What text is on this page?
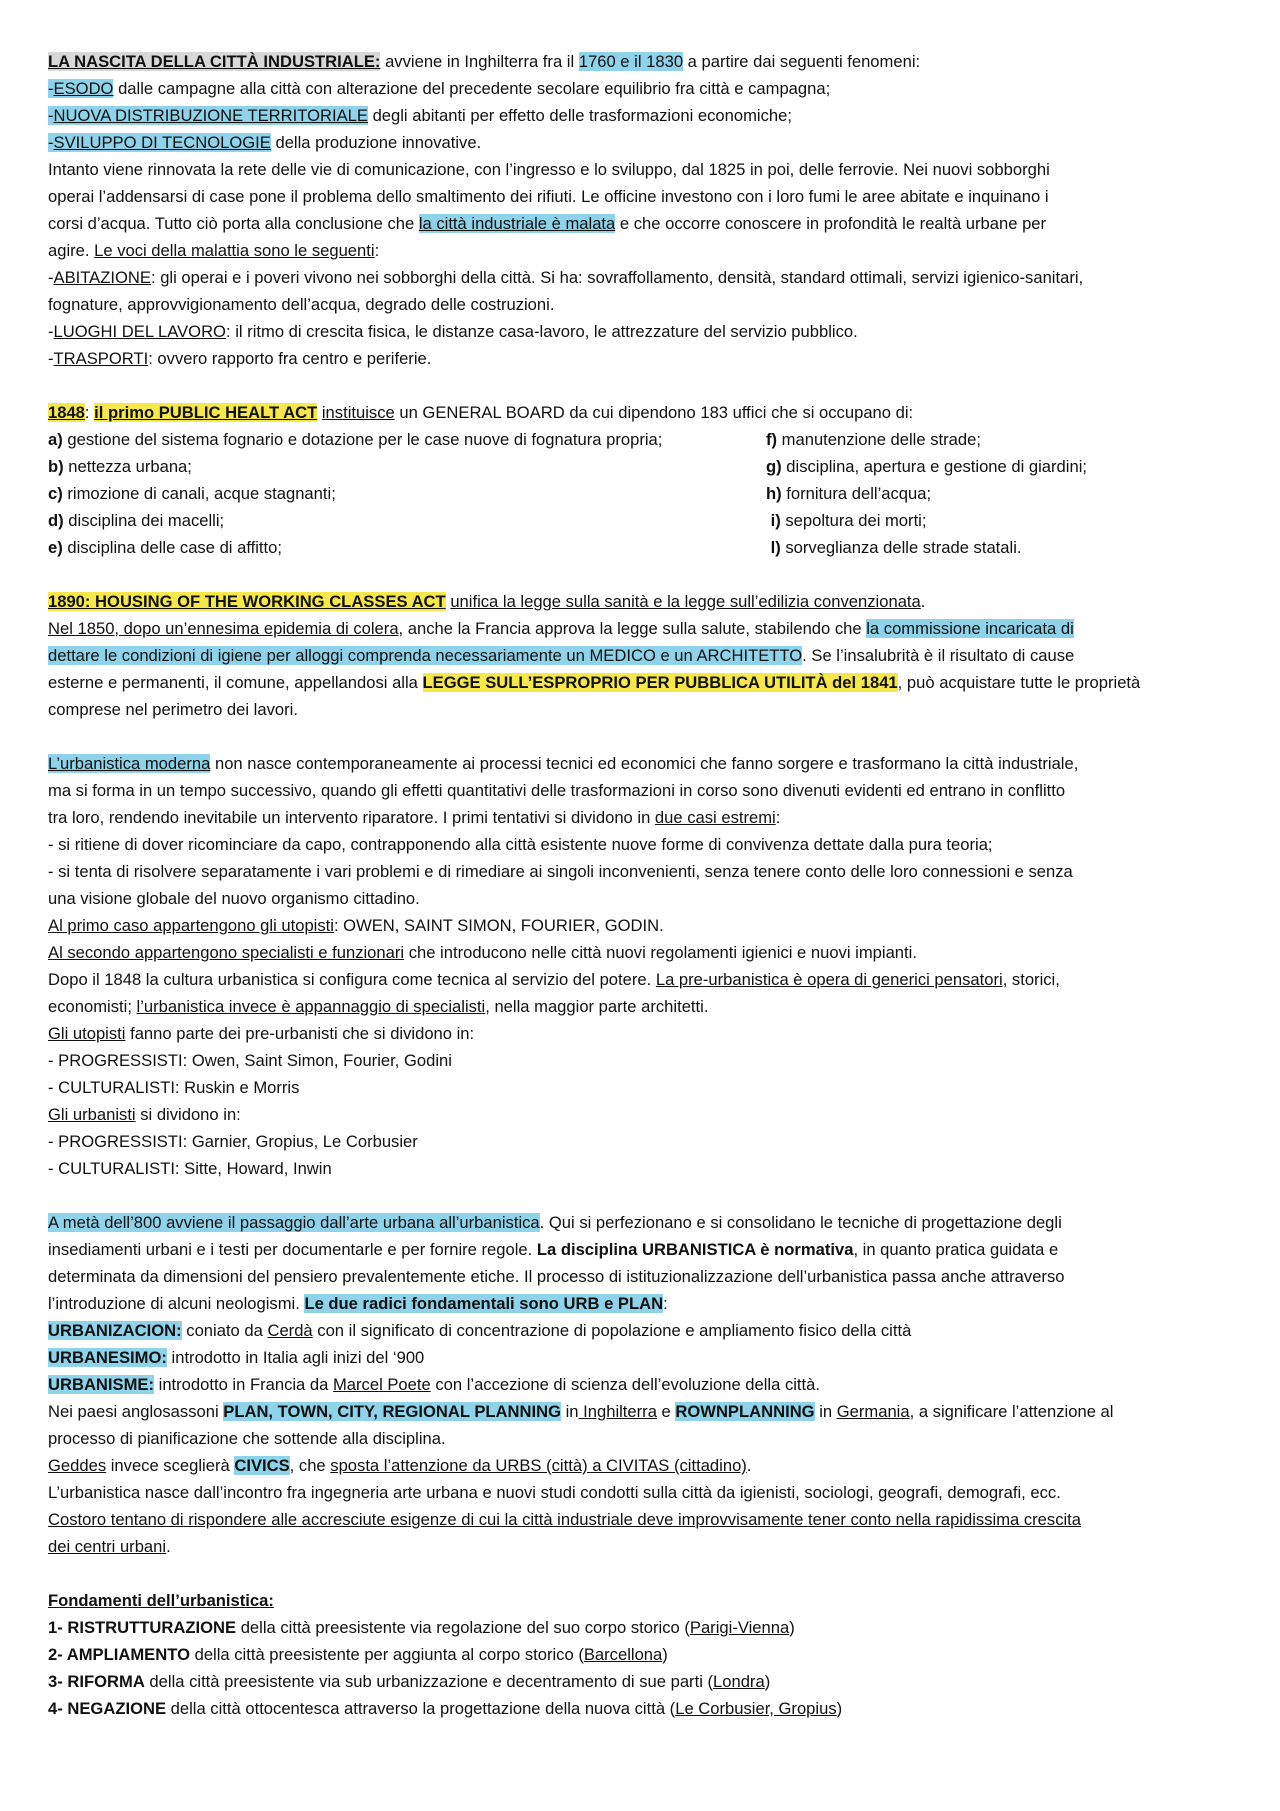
LA NASCITA DELLA CITTÀ INDUSTRIALE: avviene in Inghilterra fra il 1760 e il 1830 a partire dai seguenti fenomeni:
-ESODO dalle campagne alla città con alterazione del precedente secolare equilibrio fra città e campagna;
-NUOVA DISTRIBUZIONE TERRITORIALE degli abitanti per effetto delle trasformazioni economiche;
-SVILUPPO DI TECNOLOGIE della produzione innovative.
Intanto viene rinnovata la rete delle vie di comunicazione, con l’ingresso e lo sviluppo, dal 1825 in poi, delle ferrovie. Nei nuovi sobborghi
operai l’addensarsi di case pone il problema dello smaltimento dei rifiuti. Le officine investono con i loro fumi le aree abitate e inquinano i
corsi d’acqua. Tutto ciò porta alla conclusione che la città industriale è malata e che occorre conoscere in profondità le realtà urbane per
agire. Le voci della malattia sono le seguenti:
-ABITAZIONE: gli operai e i poveri vivono nei sobborghi della città. Si ha: sovraffollamento, densità, standard ottimali, servizi igienico-sanitari,
fognature, approvvigionamento dell’acqua, degrado delle costruzioni.
-LUOGHI DEL LAVORO: il ritmo di crescita fisica, le distanze casa-lavoro, le attrezzature del servizio pubblico.
-TRASPORTI: ovvero rapporto fra centro e periferie.
1848: il primo PUBLIC HEALT ACT instituisce un GENERAL BOARD da cui dipendono 183 uffici che si occupano di:
a) gestione del sistema fognario e dotazione per le case nuove di fognatura propria;	f) manutenzione delle strade;
b) nettezza urbana;	g) disciplina, apertura e gestione di giardini;
c) rimozione di canali, acque stagnanti;	h) fornitura dell’acqua;
d) disciplina dei macelli;	i) sepoltura dei morti;
e) disciplina delle case di affitto;	l) sorveglianza delle strade statali.
1890: HOUSING OF THE WORKING CLASSES ACT unifica la legge sulla sanità e la legge sull’edilizia convenzionata.
Nel 1850, dopo un’ennesima epidemia di colera, anche la Francia approva la legge sulla salute, stabilendo che la commissione incaricata di
dettare le condizioni di igiene per alloggi comprenda necessariamente un MEDICO e un ARCHITETTO. Se l’insalubrità è il risultato di cause
esterne e permanenti, il comune, appellandosi alla LEGGE SULL’ESPROPRIO PER PUBBLICA UTILITÀ del 1841, può acquistare tutte le proprietà
comprese nel perimetro dei lavori.
L’urbanistica moderna non nasce contemporaneamente ai processi tecnici ed economici che fanno sorgere e trasformano la città industriale,
ma si forma in un tempo successivo, quando gli effetti quantitativi delle trasformazioni in corso sono divenuti evidenti ed entrano in conflitto
tra loro, rendendo inevitabile un intervento riparatore. I primi tentativi si dividono in due casi estremi:
- si ritiene di dover ricominciare da capo, contrapponendo alla città esistente nuove forme di convivenza dettate dalla pura teoria;
- si tenta di risolvere separatamente i vari problemi e di rimediare ai singoli inconvenienti, senza tenere conto delle loro connessioni e senza
una visione globale del nuovo organismo cittadino.
Al primo caso appartengono gli utopisti: OWEN, SAINT SIMON, FOURIER, GODIN.
Al secondo appartengono specialisti e funzionari che introducono nelle città nuovi regolamenti igienici e nuovi impianti.
Dopo il 1848 la cultura urbanistica si configura come tecnica al servizio del potere. La pre-urbanistica è opera di generici pensatori, storici,
economisti; l’urbanistica invece è appannaggio di specialisti, nella maggior parte architetti.
Gli utopisti fanno parte dei pre-urbanisti che si dividono in:
- PROGRESSISTI: Owen, Saint Simon, Fourier, Godini
- CULTURALISTI: Ruskin e Morris
Gli urbanisti si dividono in:
- PROGRESSISTI: Garnier, Gropius, Le Corbusier
- CULTURALISTI: Sitte, Howard, Inwin
A metà dell’800 avviene il passaggio dall’arte urbana all’urbanistica. Qui si perfezionano e si consolidano le tecniche di progettazione degli
insediamenti urbani e i testi per documentarle e per fornire regole. La disciplina URBANISTICA è normativa, in quanto pratica guidata e
determinata da dimensioni del pensiero prevalentemente etiche. Il processo di istituzionalizzazione dell’urbanistica passa anche attraverso
l’introduzione di alcuni neologismi. Le due radici fondamentali sono URB e PLAN:
URBANIZACION: coniato da Cerdà con il significato di concentrazione di popolazione e ampliamento fisico della città
URBANESIMO: introdotto in Italia agli inizi del ‘900
URBANISME: introdotto in Francia da Marcel Poete con l’accezione di scienza dell’evoluzione della città.
Nei paesi anglosassoni PLAN, TOWN, CITY, REGIONAL PLANNING in Inghilterra e ROWNPLANNING in Germania, a significare l’attenzione al
processo di pianificazione che sottende alla disciplina.
Geddes invece sceglierà CIVICS, che sposta l’attenzione da URBS (città) a CIVITAS (cittadino).
L’urbanistica nasce dall’incontro fra ingegneria arte urbana e nuovi studi condotti sulla città da igienisti, sociologi, geografi, demografi, ecc.
Costoro tentano di rispondere alle accresciute esigenze di cui la città industriale deve improvvisamente tener conto nella rapidissima crescita
dei centri urbani.
Fondamenti dell’urbanistica:
1- RISTRUTTURAZIONE della città preesistente via regolazione del suo corpo storico (Parigi-Vienna)
2- AMPLIAMENTO della città preesistente per aggiunta al corpo storico (Barcellona)
3- RIFORMA della città preesistente via sub urbanizzazione e decentramento di sue parti (Londra)
4- NEGAZIONE della città ottocentesca attraverso la progettazione della nuova città (Le Corbusier, Gropius)
